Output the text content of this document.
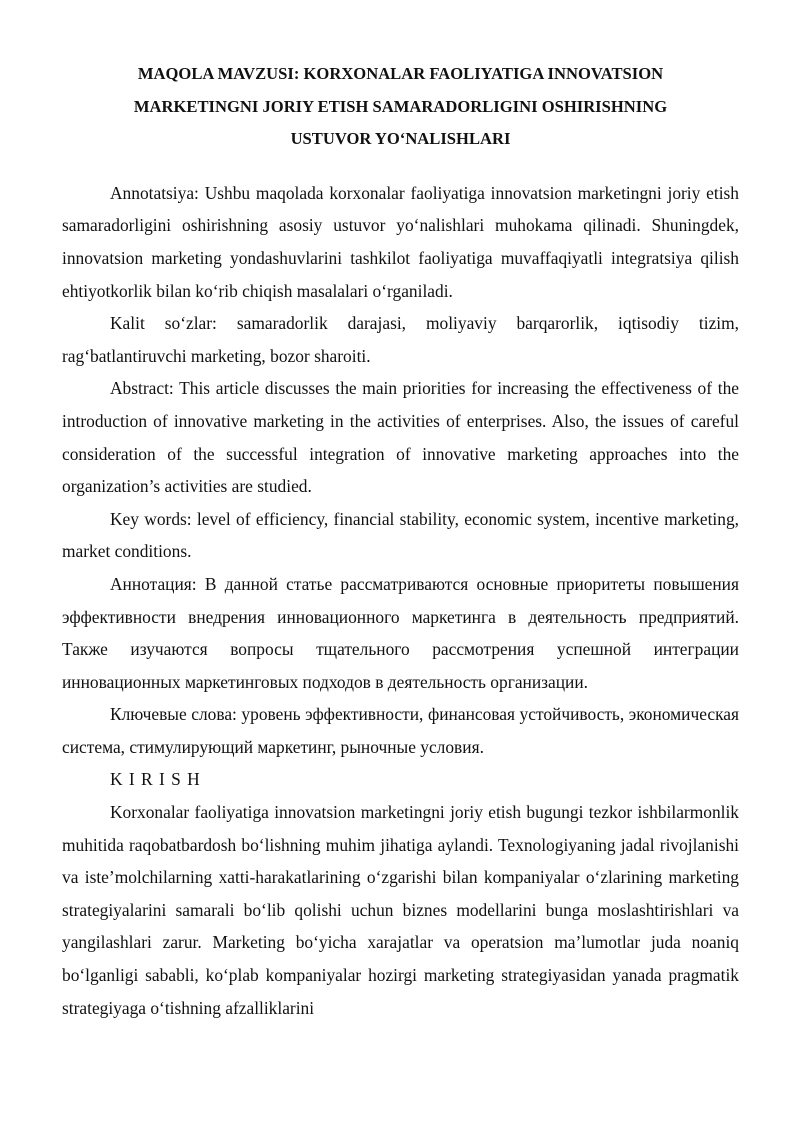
MAQOLA MAVZUSI: KORXONALAR FAOLIYATIGA INNOVATSION
MARKETINGNI JORIY ETISH SAMARADORLIGINI OSHIRISHNING
USTUVOR YO‘NALISHLARI

Annotatsiya: Ushbu maqolada korxonalar faoliyatiga innovatsion marketingni joriy etish samaradorligini oshirishning asosiy ustuvor yo‘nalishlari muhokama qilinadi. Shuningdek, innovatsion marketing yondashuvlarini tashkilot faoliyatiga muvaffaqiyatli integratsiya qilish ehtiyotkorlik bilan ko‘rib chiqish masalalari o‘rganiladi.

Kalit so‘zlar: samaradorlik darajasi, moliyaviy barqarorlik, iqtisodiy tizim, rag‘batlantiruvchi marketing, bozor sharoiti.

Abstract: This article discusses the main priorities for increasing the effectiveness of the introduction of innovative marketing in the activities of enterprises. Also, the issues of careful consideration of the successful integration of innovative marketing approaches into the organization’s activities are studied.

Key words: level of efficiency, financial stability, economic system, incentive marketing, market conditions.

Аннотация: В данной статье рассматриваются основные приоритеты повышения эффективности внедрения инновационного маркетинга в деятельность предприятий. Также изучаются вопросы тщательного рассмотрения успешной интеграции инновационных маркетинговых подходов в деятельность организации.

Ключевые слова: уровень эффективности, финансовая устойчивость, экономическая система, стимулирующий маркетинг, рыночные условия.

K I R I S H

Korxonalar faoliyatiga innovatsion marketingni joriy etish bugungi tezkor ishbilarmonlik muhitida raqobatbardosh bo‘lishning muhim jihatiga aylandi. Texnologiyaning jadal rivojlanishi va iste’molchilarning xatti-harakatlarining o‘zgarishi bilan kompaniyalar o‘zlarining marketing strategiyalarini samarali bo‘lib qolishi uchun biznes modellarini bunga moslashtirishlari va yangilashlari zarur. Marketing bo‘yicha xarajatlar va operatsion ma’lumotlar juda noaniq bo‘lganligi sababli, ko‘plab kompaniyalar hozirgi marketing strategiyasidan yanada pragmatik strategiyaga o‘tishning afzalliklarini
